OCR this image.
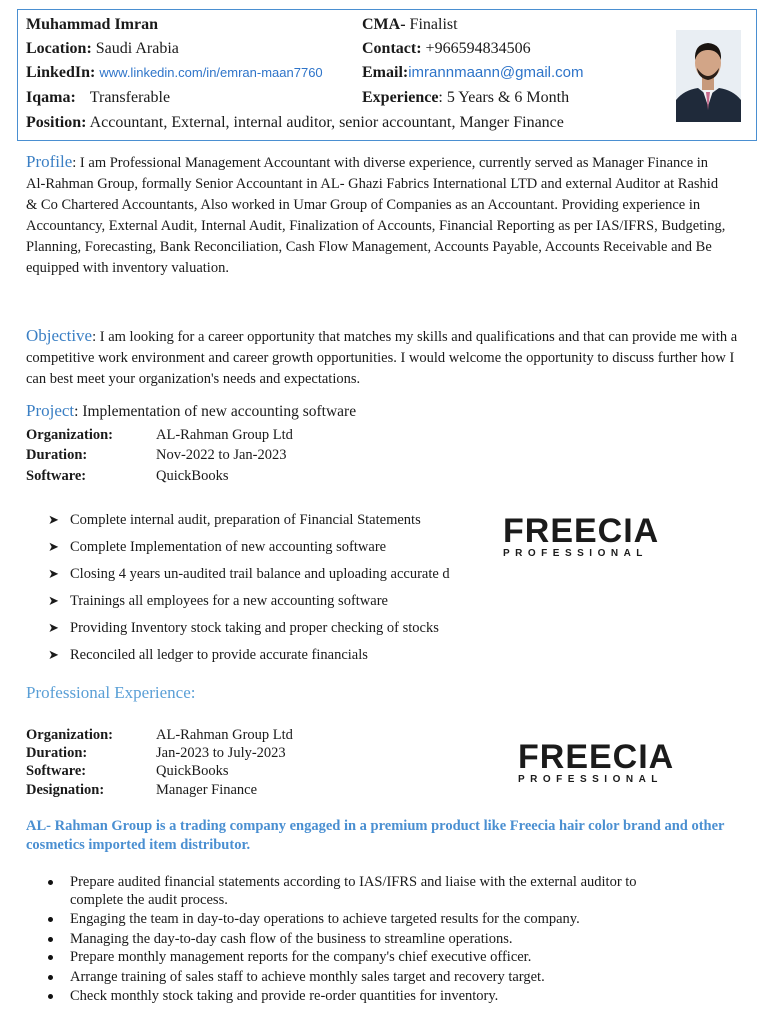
Muhammad Imran	CMA- Finalist
Location: Saudi Arabia	Contact: +966594834506
LinkedIn: www.linkedin.com/in/emran-maan7760 Email:imrannmaann@gmail.com
Iqama: Transferable	Experience: 5 Years & 6 Month
Position: Accountant, External, internal auditor, senior accountant, Manger Finance
Profile: I am Professional Management Accountant with diverse experience, currently served as Manager Finance in Al-Rahman Group, formally Senior Accountant in AL- Ghazi Fabrics International LTD and external Auditor at Rashid & Co Chartered Accountants, Also worked in Umar Group of Companies as an Accountant. Providing experience in Accountancy, External Audit, Internal Audit, Finalization of Accounts, Financial Reporting as per IAS/IFRS, Budgeting, Planning, Forecasting, Bank Reconciliation, Cash Flow Management, Accounts Payable, Accounts Receivable and Be equipped with inventory valuation.
Objective: I am looking for a career opportunity that matches my skills and qualifications and that can provide me with a competitive work environment and career growth opportunities. I would welcome the opportunity to discuss further how I can best meet your organization's needs and expectations.
Project: Implementation of new accounting software
Organization:	AL-Rahman Group Ltd
Duration:	Nov-2022 to Jan-2023
Software:	QuickBooks
➤ Complete internal audit, preparation of Financial Statements
➤ Complete Implementation of new accounting software
➤ Closing 4 years un-audited trail balance and uploading accurate d
➤ Trainings all employees for a new accounting software
➤ Providing Inventory stock taking and proper checking of stocks
➤ Reconciled all ledger to provide accurate financials
FREECIA
PROFESSIONAL
Professional Experience:
Organization:	AL-Rahman Group Ltd
Duration:	Jan-2023 to July-2023
Software:	QuickBooks
Designation:	Manager Finance
FREECIA
PROFESSIONAL
AL- Rahman Group is a trading company engaged in a premium product like Freecia hair color brand and other cosmetics imported item distributor.
Prepare audited financial statements according to IAS/IFRS and liaise with the external auditor to
complete the audit process.
Engaging the team in day-to-day operations to achieve targeted results for the company.
Managing the day-to-day cash flow of the business to streamline operations.
Prepare monthly management reports for the company's chief executive officer.
Arrange training of sales staff to achieve monthly sales target and recovery target.
Check monthly stock taking and provide re-order quantities for inventory.
